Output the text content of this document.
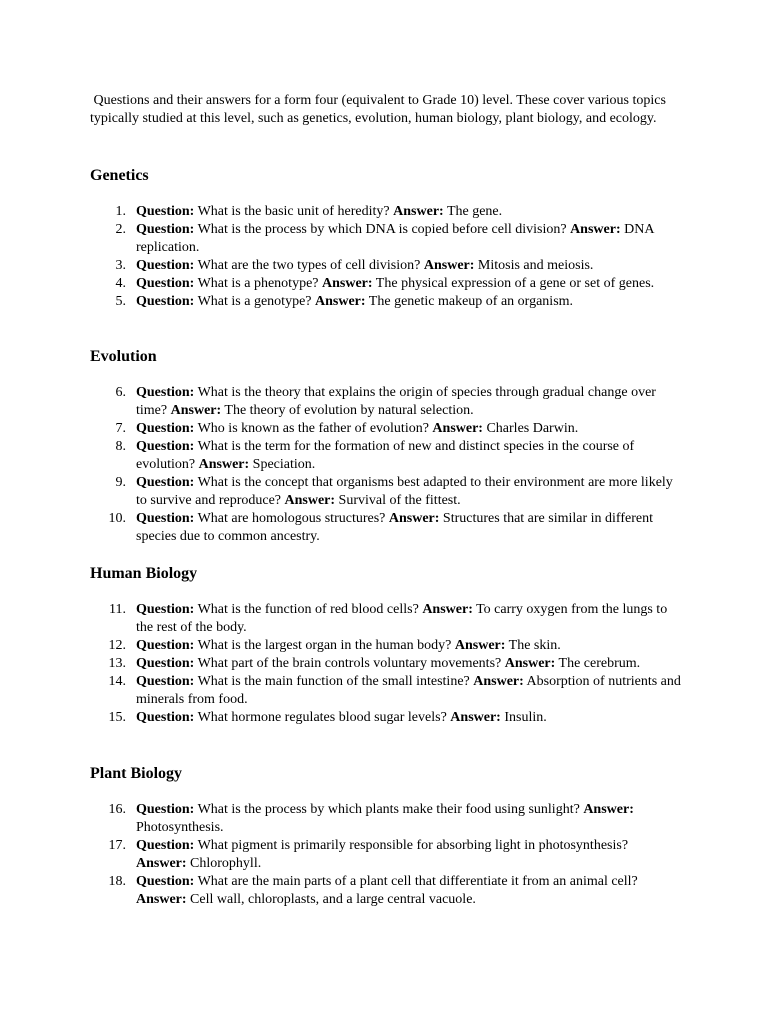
Questions and their answers for a form four (equivalent to Grade 10) level. These cover various topics typically studied at this level, such as genetics, evolution, human biology, plant biology, and ecology.

Genetics
1. Question: What is the basic unit of heredity? Answer: The gene.
2. Question: What is the process by which DNA is copied before cell division? Answer: DNA replication.
3. Question: What are the two types of cell division? Answer: Mitosis and meiosis.
4. Question: What is a phenotype? Answer: The physical expression of a gene or set of genes.
5. Question: What is a genotype? Answer: The genetic makeup of an organism.
Evolution
6. Question: What is the theory that explains the origin of species through gradual change over time? Answer: The theory of evolution by natural selection.
7. Question: Who is known as the father of evolution? Answer: Charles Darwin.
8. Question: What is the term for the formation of new and distinct species in the course of evolution? Answer: Speciation.
9. Question: What is the concept that organisms best adapted to their environment are more likely to survive and reproduce? Answer: Survival of the fittest.
10. Question: What are homologous structures? Answer: Structures that are similar in different species due to common ancestry.
Human Biology
11. Question: What is the function of red blood cells? Answer: To carry oxygen from the lungs to the rest of the body.
12. Question: What is the largest organ in the human body? Answer: The skin.
13. Question: What part of the brain controls voluntary movements? Answer: The cerebrum.
14. Question: What is the main function of the small intestine? Answer: Absorption of nutrients and minerals from food.
15. Question: What hormone regulates blood sugar levels? Answer: Insulin.
Plant Biology
16. Question: What is the process by which plants make their food using sunlight? Answer: Photosynthesis.
17. Question: What pigment is primarily responsible for absorbing light in photosynthesis? Answer: Chlorophyll.
18. Question: What are the main parts of a plant cell that differentiate it from an animal cell? Answer: Cell wall, chloroplasts, and a large central vacuole.
